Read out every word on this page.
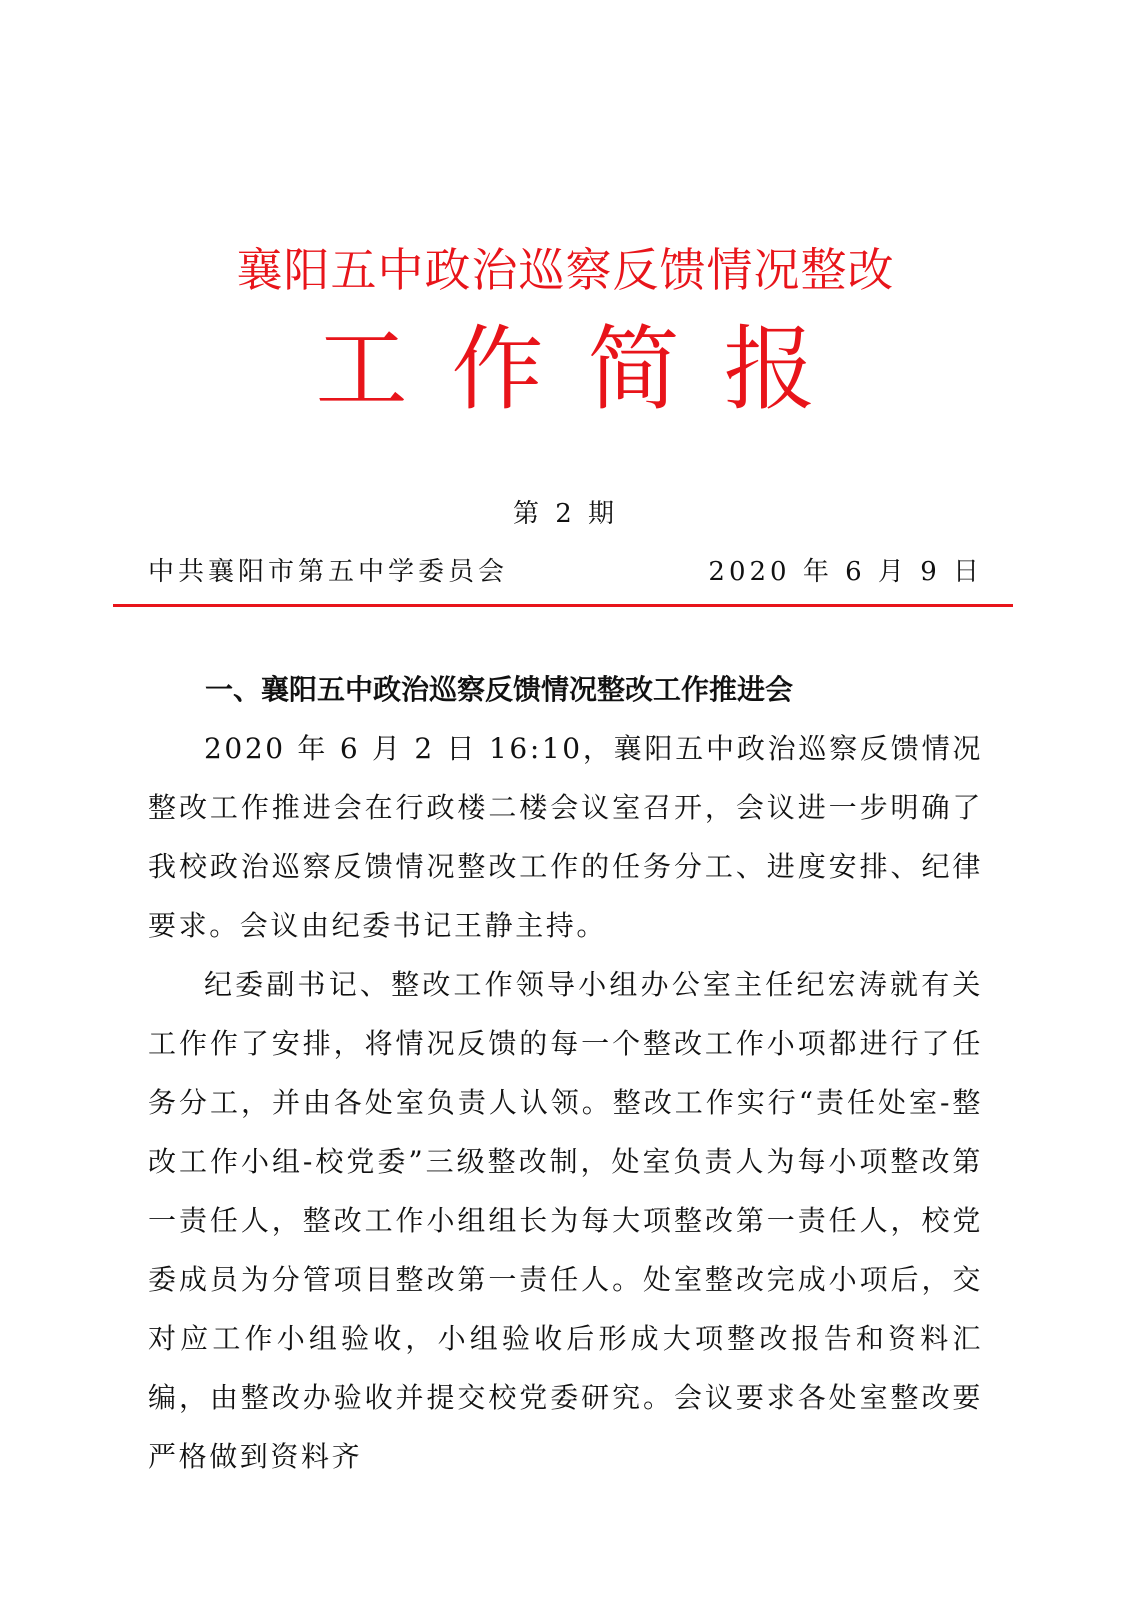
襄阳五中政治巡察反馈情况整改
工作简报
第 2 期
中共襄阳市第五中学委员会	2020 年 6 月 9 日
一、襄阳五中政治巡察反馈情况整改工作推进会

2020 年 6 月 2 日 16:10，襄阳五中政治巡察反馈情况整改工作推进会在行政楼二楼会议室召开，会议进一步明确了我校政治巡察反馈情况整改工作的任务分工、进度安排、纪律要求。会议由纪委书记王静主持。

纪委副书记、整改工作领导小组办公室主任纪宏涛就有关工作作了安排，将情况反馈的每一个整改工作小项都进行了任务分工，并由各处室负责人认领。整改工作实行“责任处室-整改工作小组-校党委”三级整改制，处室负责人为每小项整改第一责任人，整改工作小组组长为每大项整改第一责任人，校党委成员为分管项目整改第一责任人。处室整改完成小项后，交对应工作小组验收，小组验收后形成大项整改报告和资料汇编，由整改办验收并提交校党委研究。会议要求各处室整改要严格做到资料齐
